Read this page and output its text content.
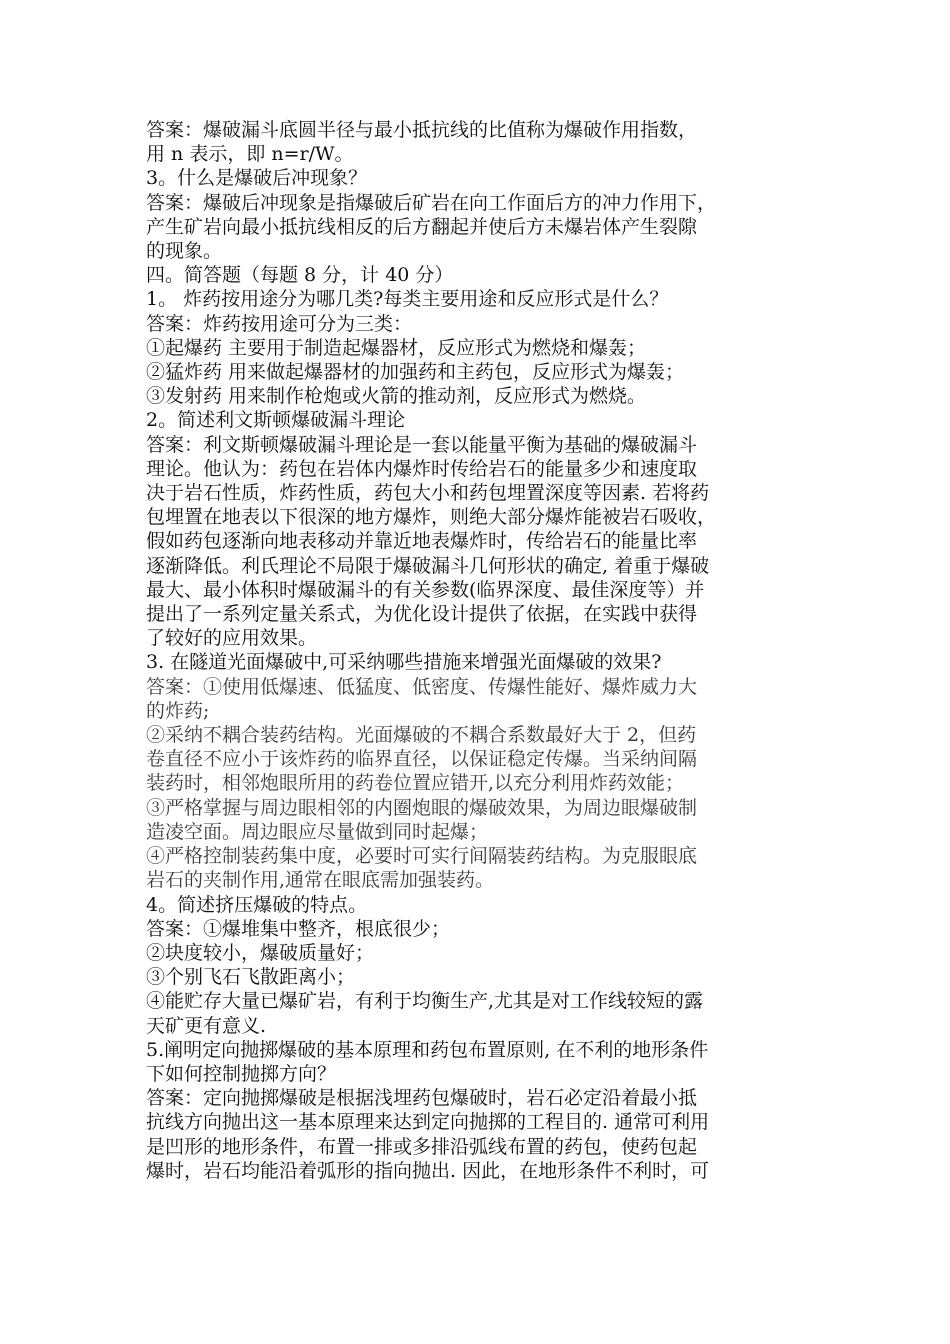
答案：爆破漏斗底圆半径与最小抵抗线的比值称为爆破作用指数，
用 n 表示，即 n=r/W。
3。什么是爆破后冲现象？
答案：爆破后冲现象是指爆破后矿岩在向工作面后方的冲力作用下，
产生矿岩向最小抵抗线相反的后方翻起并使后方未爆岩体产生裂隙
的现象。
四。简答题（每题 8 分，计 40 分）
1。 炸药按用途分为哪几类?每类主要用途和反应形式是什么？
答案：炸药按用途可分为三类：
①起爆药 主要用于制造起爆器材，反应形式为燃烧和爆轰；
②猛炸药 用来做起爆器材的加强药和主药包，反应形式为爆轰；
③发射药 用来制作枪炮或火箭的推动剂，反应形式为燃烧。
2。简述利文斯顿爆破漏斗理论
答案：利文斯顿爆破漏斗理论是一套以能量平衡为基础的爆破漏斗
理论。他认为：药包在岩体内爆炸时传给岩石的能量多少和速度取
决于岩石性质，炸药性质，药包大小和药包埋置深度等因素. 若将药
包埋置在地表以下很深的地方爆炸，则绝大部分爆炸能被岩石吸收，
假如药包逐渐向地表移动并靠近地表爆炸时，传给岩石的能量比率
逐渐降低。利氏理论不局限于爆破漏斗几何形状的确定, 着重于爆破
最大、最小体积时爆破漏斗的有关参数(临界深度、最佳深度等）并
提出了一系列定量关系式，为优化设计提供了依据，在实践中获得
了较好的应用效果。
3. 在隧道光面爆破中,可采纳哪些措施来增强光面爆破的效果?
答案：①使用低爆速、低猛度、低密度、传爆性能好、爆炸威力大
的炸药;
②采纳不耦合装药结构。光面爆破的不耦合系数最好大于 2，但药
卷直径不应小于该炸药的临界直径，以保证稳定传爆。当采纳间隔
装药时，相邻炮眼所用的药卷位置应错开,以充分利用炸药效能；
③严格掌握与周边眼相邻的内圈炮眼的爆破效果，为周边眼爆破制
造凌空面。周边眼应尽量做到同时起爆；
④严格控制装药集中度，必要时可实行间隔装药结构。为克服眼底
岩石的夹制作用,通常在眼底需加强装药。
4。简述挤压爆破的特点。
答案：①爆堆集中整齐，根底很少；
②块度较小，爆破质量好；
③个别飞石飞散距离小；
④能贮存大量已爆矿岩，有利于均衡生产,尤其是对工作线较短的露
天矿更有意义.
5.阐明定向抛掷爆破的基本原理和药包布置原则, 在不利的地形条件
下如何控制抛掷方向？
答案：定向抛掷爆破是根据浅埋药包爆破时，岩石必定沿着最小抵
抗线方向抛出这一基本原理来达到定向抛掷的工程目的. 通常可利用
是凹形的地形条件，布置一排或多排沿弧线布置的药包，使药包起
爆时，岩石均能沿着弧形的指向抛出. 因此，在地形条件不利时，可
